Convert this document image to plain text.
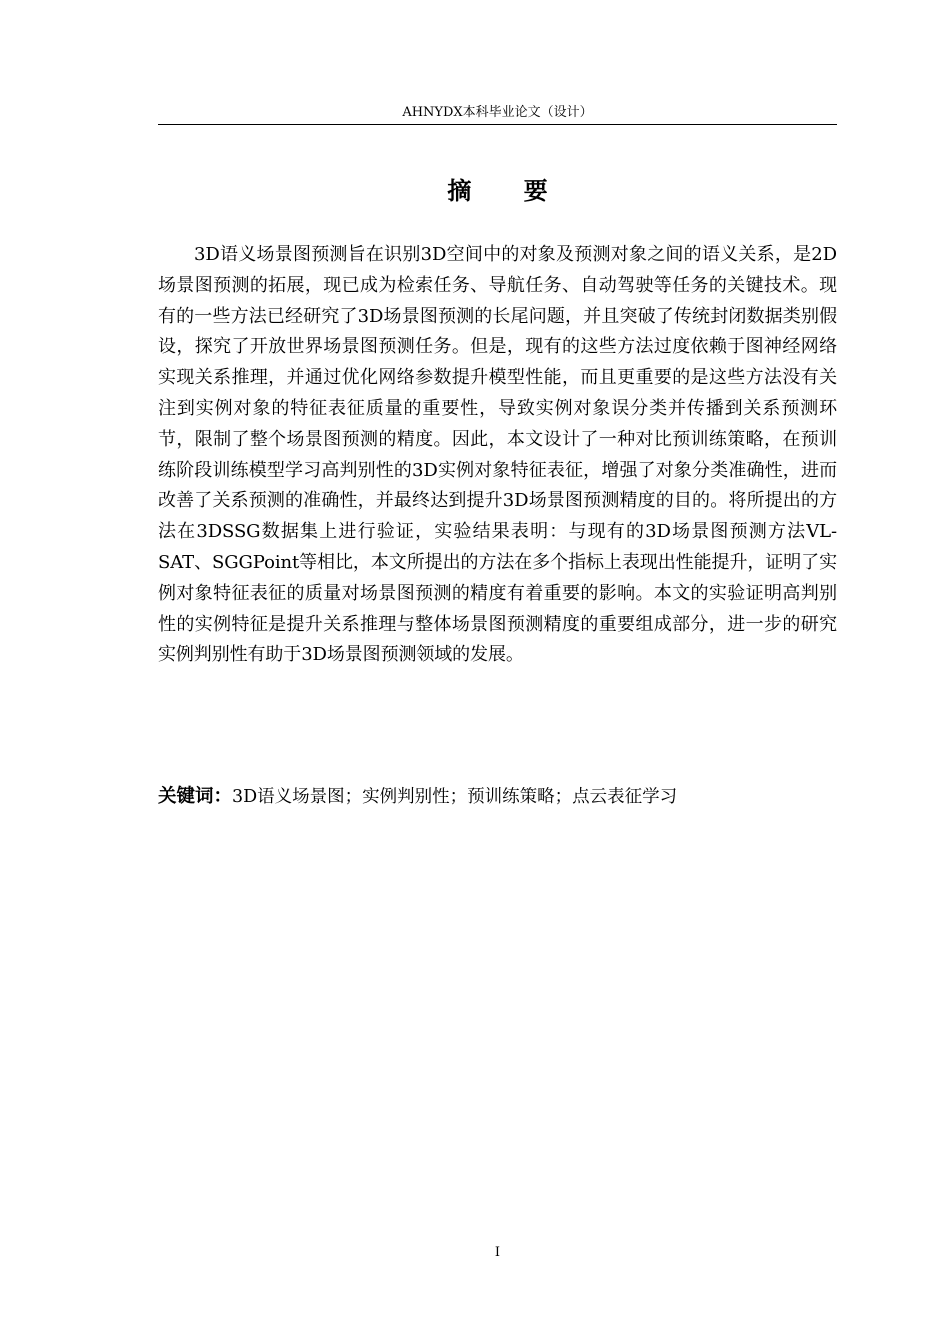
AHNYDX本科毕业论文（设计）
摘 要

3D语义场景图预测旨在识别3D空间中的对象及预测对象之间的语义关系，是2D场景图预测的拓展，现已成为检索任务、导航任务、自动驾驶等任务的关键技术。现有的一些方法已经研究了3D场景图预测的长尾问题，并且突破了传统封闭数据类别假设，探究了开放世界场景图预测任务。但是，现有的这些方法过度依赖于图神经网络实现关系推理，并通过优化网络参数提升模型性能，而且更重要的是这些方法没有关注到实例对象的特征表征质量的重要性，导致实例对象误分类并传播到关系预测环节，限制了整个场景图预测的精度。因此，本文设计了一种对比预训练策略，在预训练阶段训练模型学习高判别性的3D实例对象特征表征，增强了对象分类准确性，进而改善了关系预测的准确性，并最终达到提升3D场景图预测精度的目的。将所提出的方法在3DSSG数据集上进行验证，实验结果表明：与现有的3D场景图预测方法VL-SAT、SGGPoint等相比，本文所提出的方法在多个指标上表现出性能提升，证明了实例对象特征表征的质量对场景图预测的精度有着重要的影响。本文的实验证明高判别性的实例特征是提升关系推理与整体场景图预测精度的重要组成部分，进一步的研究实例判别性有助于3D场景图预测领域的发展。

关键词：3D语义场景图；实例判别性；预训练策略；点云表征学习
I
